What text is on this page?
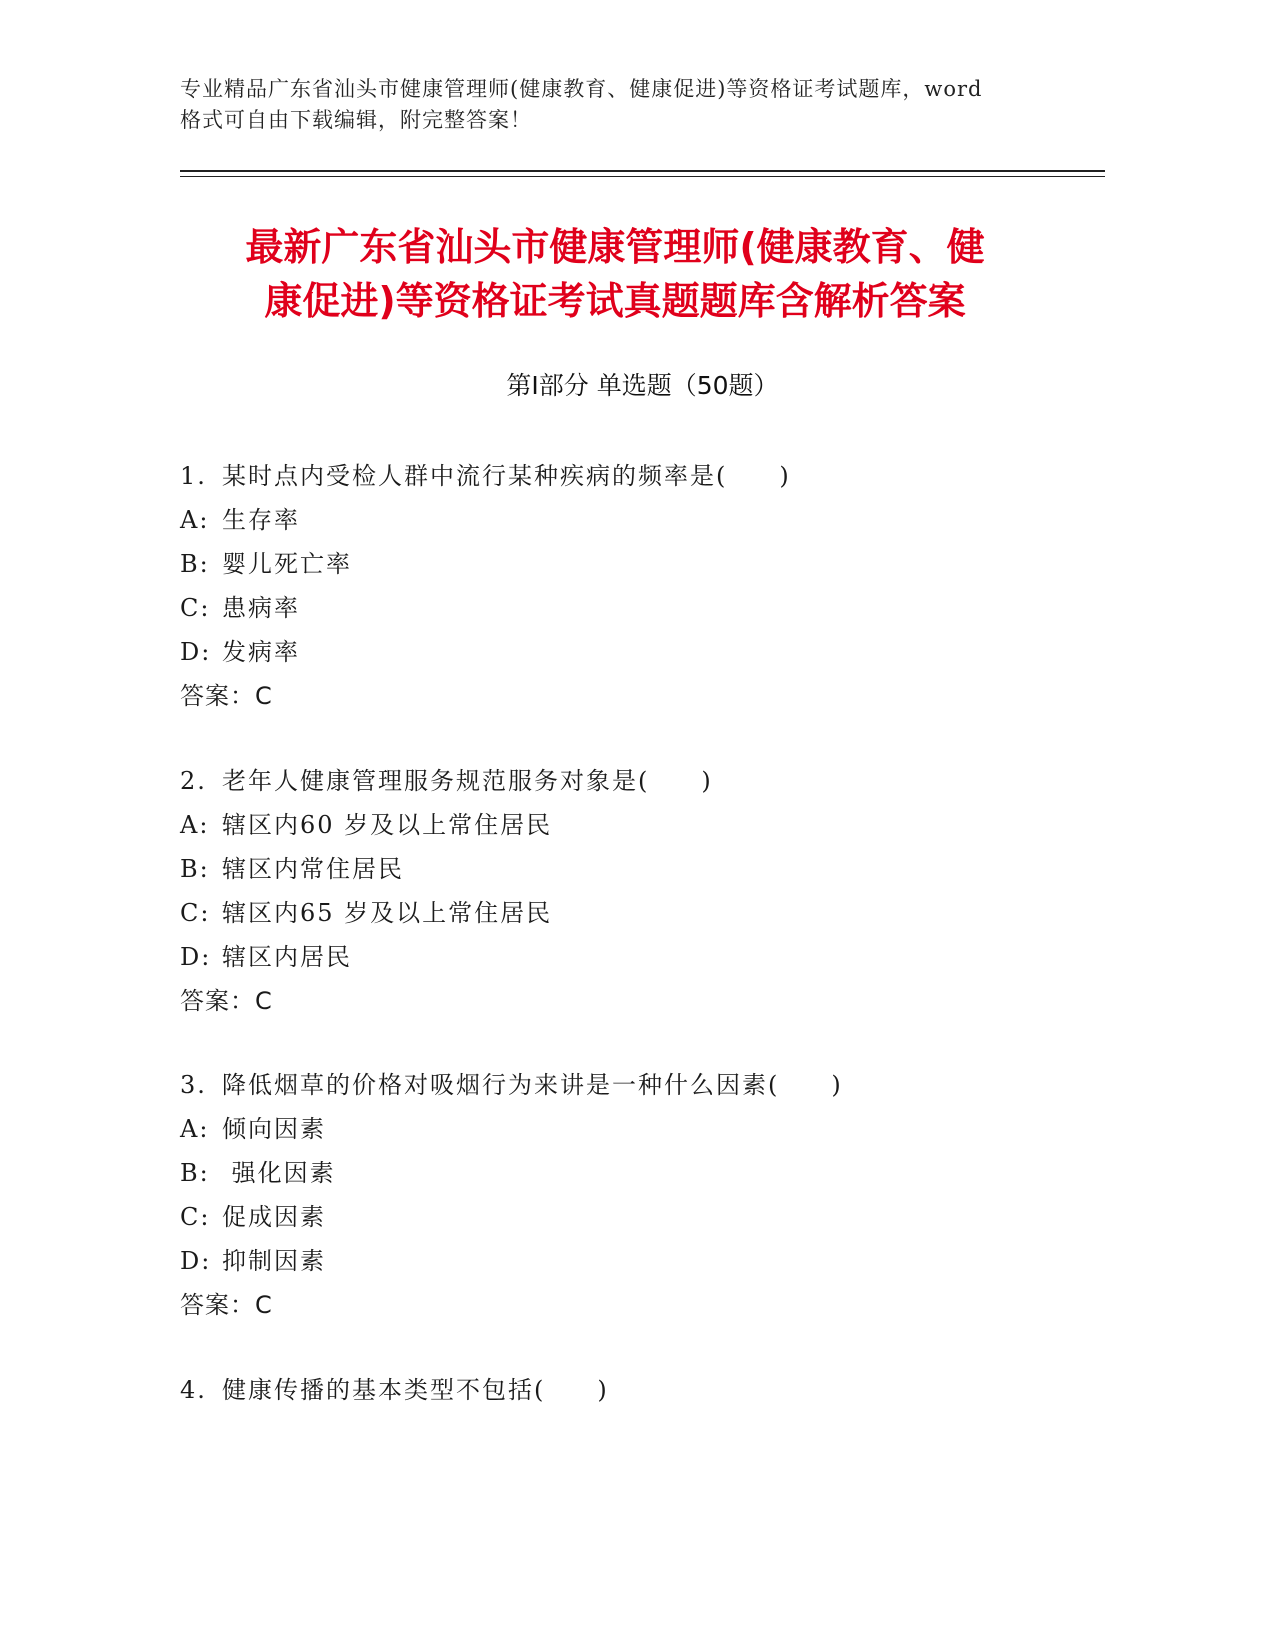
专业精品广东省汕头市健康管理师(健康教育、健康促进)等资格证考试题库，word
格式可自由下载编辑，附完整答案！
最新广东省汕头市健康管理师(健康教育、健
康促进)等资格证考试真题题库含解析答案
第Ⅰ部分 单选题（50题）
1. 某时点内受检人群中流行某种疾病的频率是(　　)
A: 生存率
B: 婴儿死亡率
C: 患病率
D: 发病率
答案：C
2. 老年人健康管理服务规范服务对象是(　　)
A: 辖区内60 岁及以上常住居民
B: 辖区内常住居民
C: 辖区内65 岁及以上常住居民
D: 辖区内居民
答案：C
3. 降低烟草的价格对吸烟行为来讲是一种什么因素(　　)
A: 倾向因素
B: 强化因素
C: 促成因素
D: 抑制因素
答案：C
4. 健康传播的基本类型不包括(　　)
